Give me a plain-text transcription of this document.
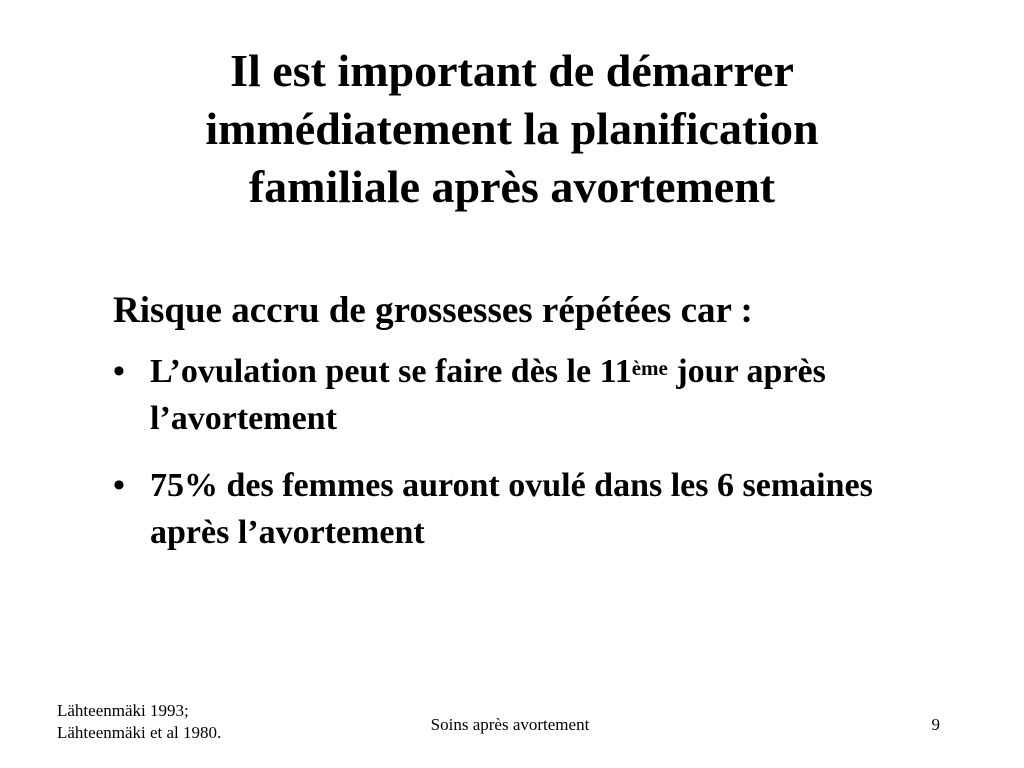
Il est important de démarrer
immédiatement la planification
familiale après avortement

Risque accru de grossesses répétées car :

• L’ovulation peut se faire dès le 11ème jour après l’avortement
• 75% des femmes auront ovulé dans les 6 semaines après l’avortement
Lähteenmäki 1993;
Lähteenmäki et al 1980.	Soins après avortement	9
